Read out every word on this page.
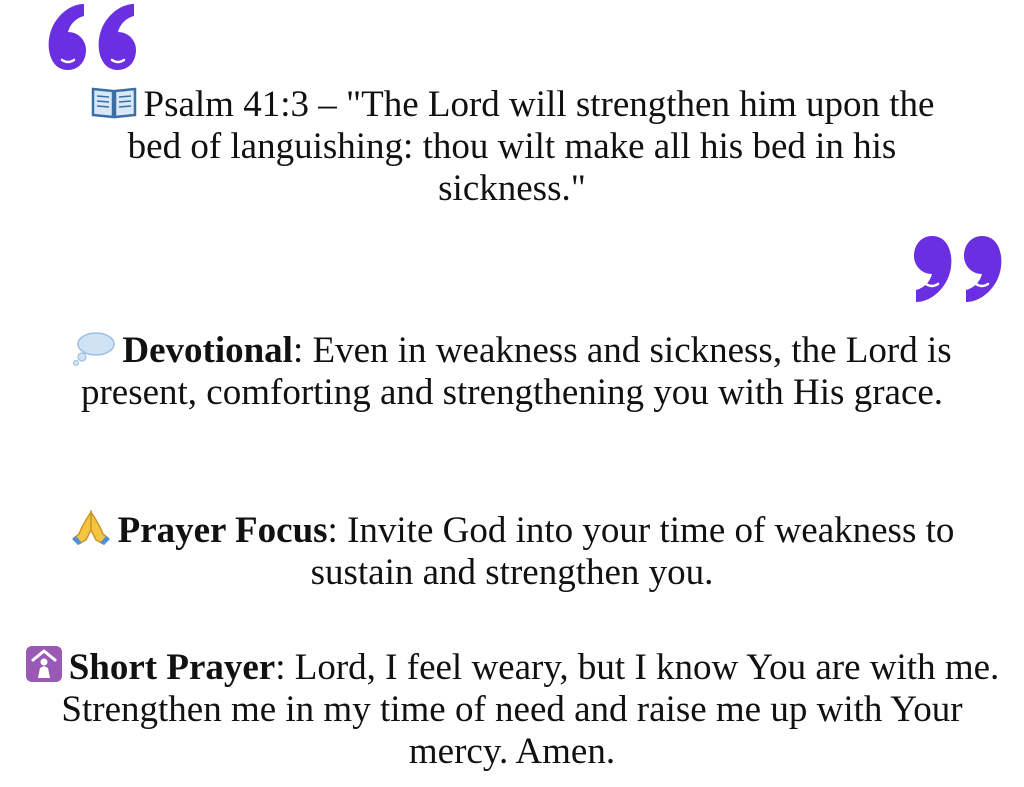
Psalm 41:3 – "The Lord will strengthen him upon the bed of languishing: thou wilt make all his bed in his sickness."
Devotional: Even in weakness and sickness, the Lord is present, comforting and strengthening you with His grace.
Prayer Focus: Invite God into your time of weakness to sustain and strengthen you.
Short Prayer: Lord, I feel weary, but I know You are with me. Strengthen me in my time of need and raise me up with Your mercy. Amen.
